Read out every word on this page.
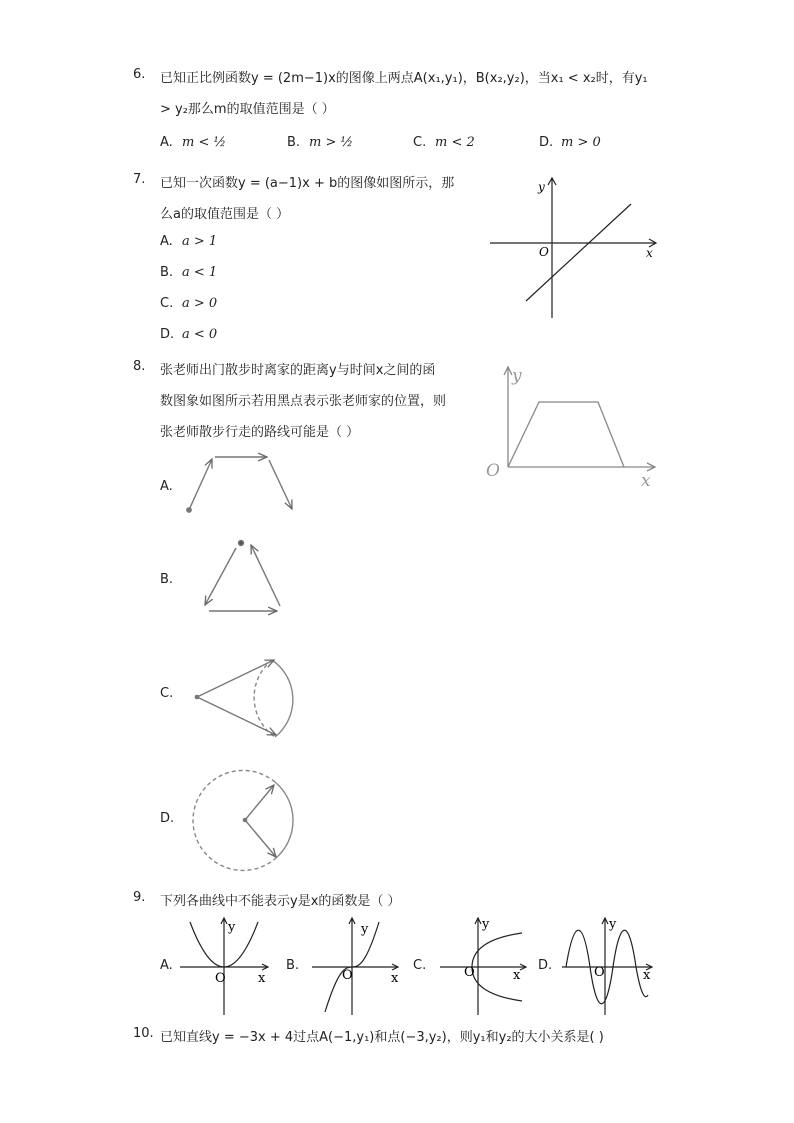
6. 已知正比例函数y = (2m−1)x的图像上两点A(x₁,y₁)，B(x₂,y₂)，当x₁ < x₂时，有y₁
> y₂那么m的取值范围是（ ）
A. m < ½	B. m > ½	C. m < 2	D. m > 0
7. 已知一次函数y = (a−1)x + b的图像如图所示，那
么a的取值范围是（ ）
A. a > 1
B. a < 1
C. a > 0
D. a < 0
y
O	x
8. 张老师出门散步时离家的距离y与时间x之间的函
数图象如图所示若用黑点表示张老师家的位置，则
张老师散步行走的路线可能是（ ）
A.
B.
C.
D.
y
O	x
9. 下列各曲线中不能表示y是x的函数是（ ）
A.	B.	C.	D.
y
O x
y
O	x
y
O	x
y
O	x
10. 已知直线y = −3x + 4过点A(−1,y₁)和点(−3,y₂)，则y₁和y₂的大小关系是( )
